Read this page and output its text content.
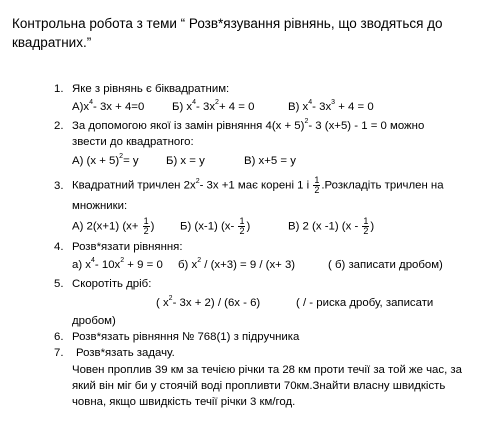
Контрольна робота з теми “ Розв*язування рівнянь, що зводяться до квадратних.”
1. Яке з рівнянь є біквадратним:
$А)x^4-$ 3x + 4=0 Б) $x^4-$ $3x^2+ 4 = 0$	В) $x^4-$ $3x^3 + 4 = 0$
2. За допомогою якої із замін рівняння $4(x + 5)^2-$ 3 (x+5) - 1 = 0 можно
звести до квадратного:
А) $(x + 5)^2= у$ Б) x = у	В) x+5 = у
3. Квадратний тричлен $2x^2-$ 3x +1 має корені 1 і $\frac{1}{2}$ .Розкладіть тричлен на
множники:
А) 2(x+1) ($x+ \frac{1}{2}$ ) Б) (x-1) ($x- \frac{1}{2}$ )	В) 2 (x -1) ($x - \frac{1}{2}$ )
4. Розв*язати рівняння:
а) $x^4-$ $10x^2 + 9 = 0$ б) $x^2 / (x+3) = 9 / (x+ 3)$	( б) записати дробом)
5. Скоротіть дріб:
( $x^2-$ 3x + 2) / (6x - 6)	( / - риска дробу, записати
дробом)
6. Розв*язать рівняння № 768(1) з підручника
7. Розв*язать задачу.
Човен проплив 39 км за течією річки та 28 км проти течії за той же час, за
який він міг би у стоячій воді пропливти 70км.Знайти власну швидкість
човна, якщо швидкість течії річки 3 км/год.
